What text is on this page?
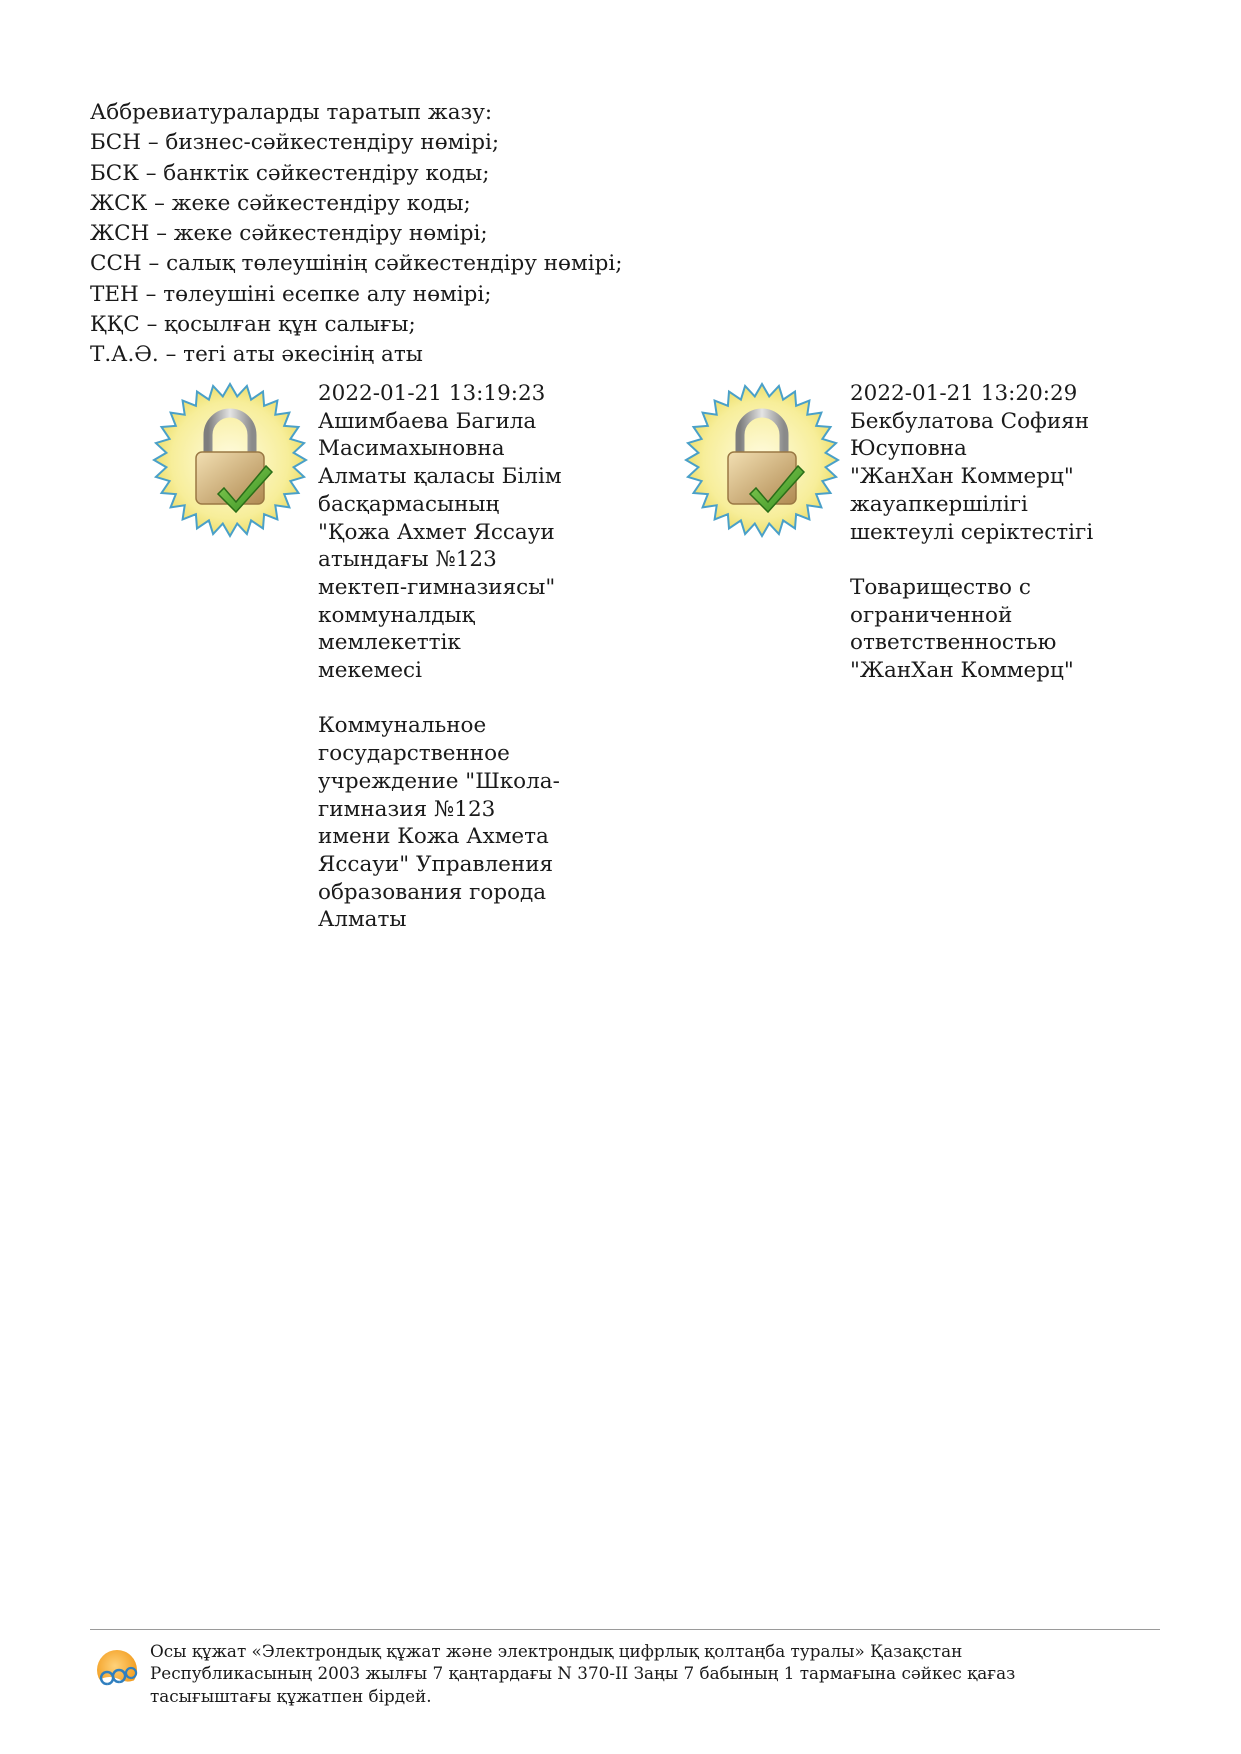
Аббревиатураларды таратып жазу:
БСН – бизнес-сәйкестендіру нөмірі;
БСК – банктік сәйкестендіру коды;
ЖСК – жеке сәйкестендіру коды;
ЖСН – жеке сәйкестендіру нөмірі;
ССН – салық төлеушінің сәйкестендіру нөмірі;
ТЕН – төлеушіні есепке алу нөмірі;
ҚҚС – қосылған құн салығы;
Т.А.Ә. – тегі аты әкесінің аты
2022-01-21 13:19:23
Ашимбаева Багила
Масимахыновна
Алматы қаласы Білім
басқармасының
"Қожа Ахмет Яссауи
атындағы №123
мектеп-гимназиясы"
коммуналдық
мемлекеттік
мекемесі
Коммунальное
государственное
учреждение "Школа-
гимназия №123
имени Кожа Ахмета
Яссауи" Управления
образования города
Алматы
2022-01-21 13:20:29
Бекбулатова Софиян
Юсуповна
"ЖанХан Коммерц"
жауапкершілігі
шектеулі серіктестігі
Товарищество с
ограниченной
ответственностью
"ЖанХан Коммерц"
Осы құжат «Электрондық құжат және электрондық цифрлық қолтаңба туралы» Қазақстан
Республикасының 2003 жылғы 7 қаңтардағы N 370-II Заңы 7 бабының 1 тармағына сәйкес қағаз
тасығыштағы құжатпен бірдей.
